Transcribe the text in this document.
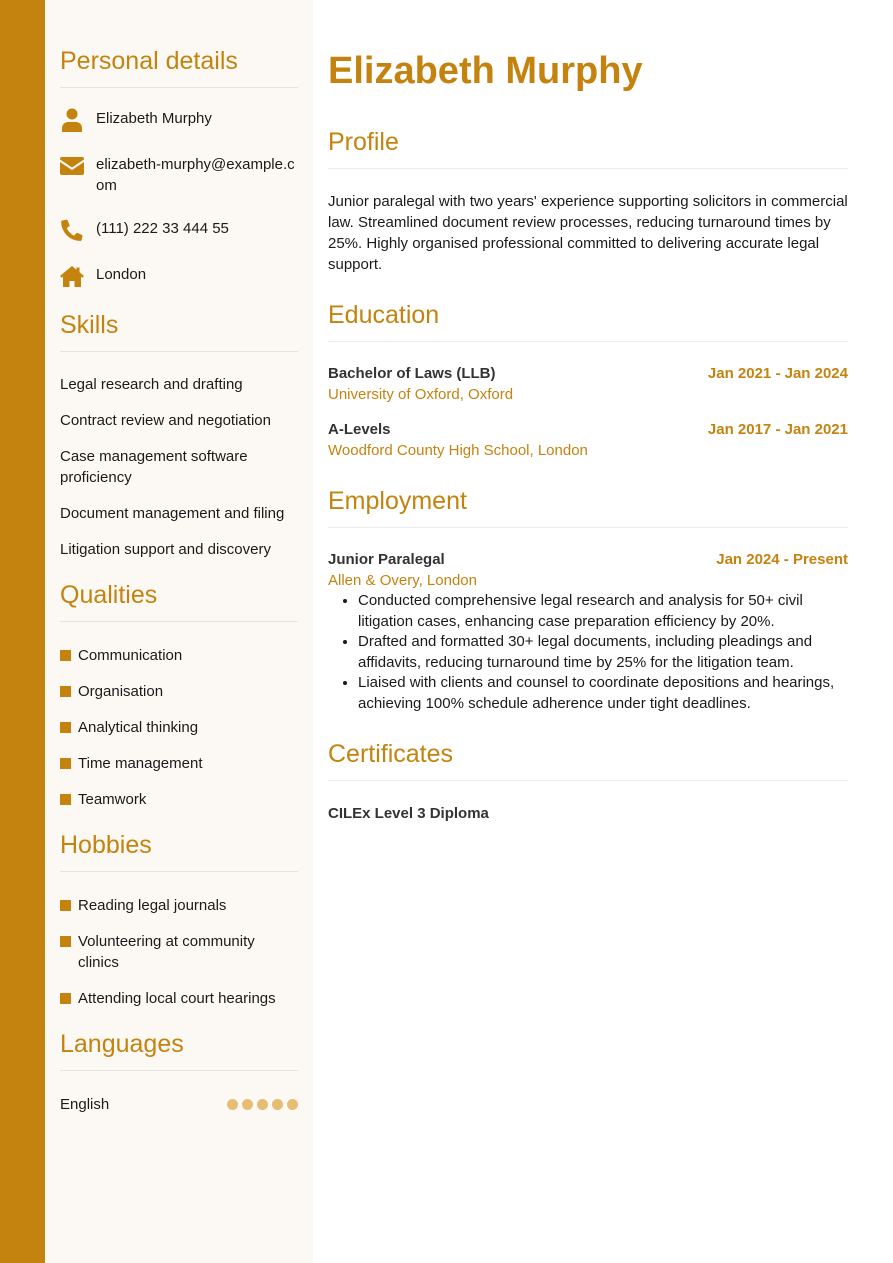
Personal details
Elizabeth Murphy
elizabeth-murphy@example.com
(111) 222 33 444 55
London
Skills
Legal research and drafting
Contract review and negotiation
Case management software proficiency
Document management and filing
Litigation support and discovery
Qualities
Communication
Organisation
Analytical thinking
Time management
Teamwork
Hobbies
Reading legal journals
Volunteering at community clinics
Attending local court hearings
Languages
English
Elizabeth Murphy
Profile
Junior paralegal with two years' experience supporting solicitors in commercial law. Streamlined document review processes, reducing turnaround times by 25%. Highly organised professional committed to delivering accurate legal support.
Education
Bachelor of Laws (LLB)	Jan 2021 - Jan 2024
University of Oxford, Oxford
A-Levels	Jan 2017 - Jan 2021
Woodford County High School, London
Employment
Junior Paralegal	Jan 2024 - Present
Allen & Overy, London
• Conducted comprehensive legal research and analysis for 50+ civil litigation cases, enhancing case preparation efficiency by 20%.
• Drafted and formatted 30+ legal documents, including pleadings and affidavits, reducing turnaround time by 25% for the litigation team.
• Liaised with clients and counsel to coordinate depositions and hearings, achieving 100% schedule adherence under tight deadlines.
Certificates
CILEx Level 3 Diploma
